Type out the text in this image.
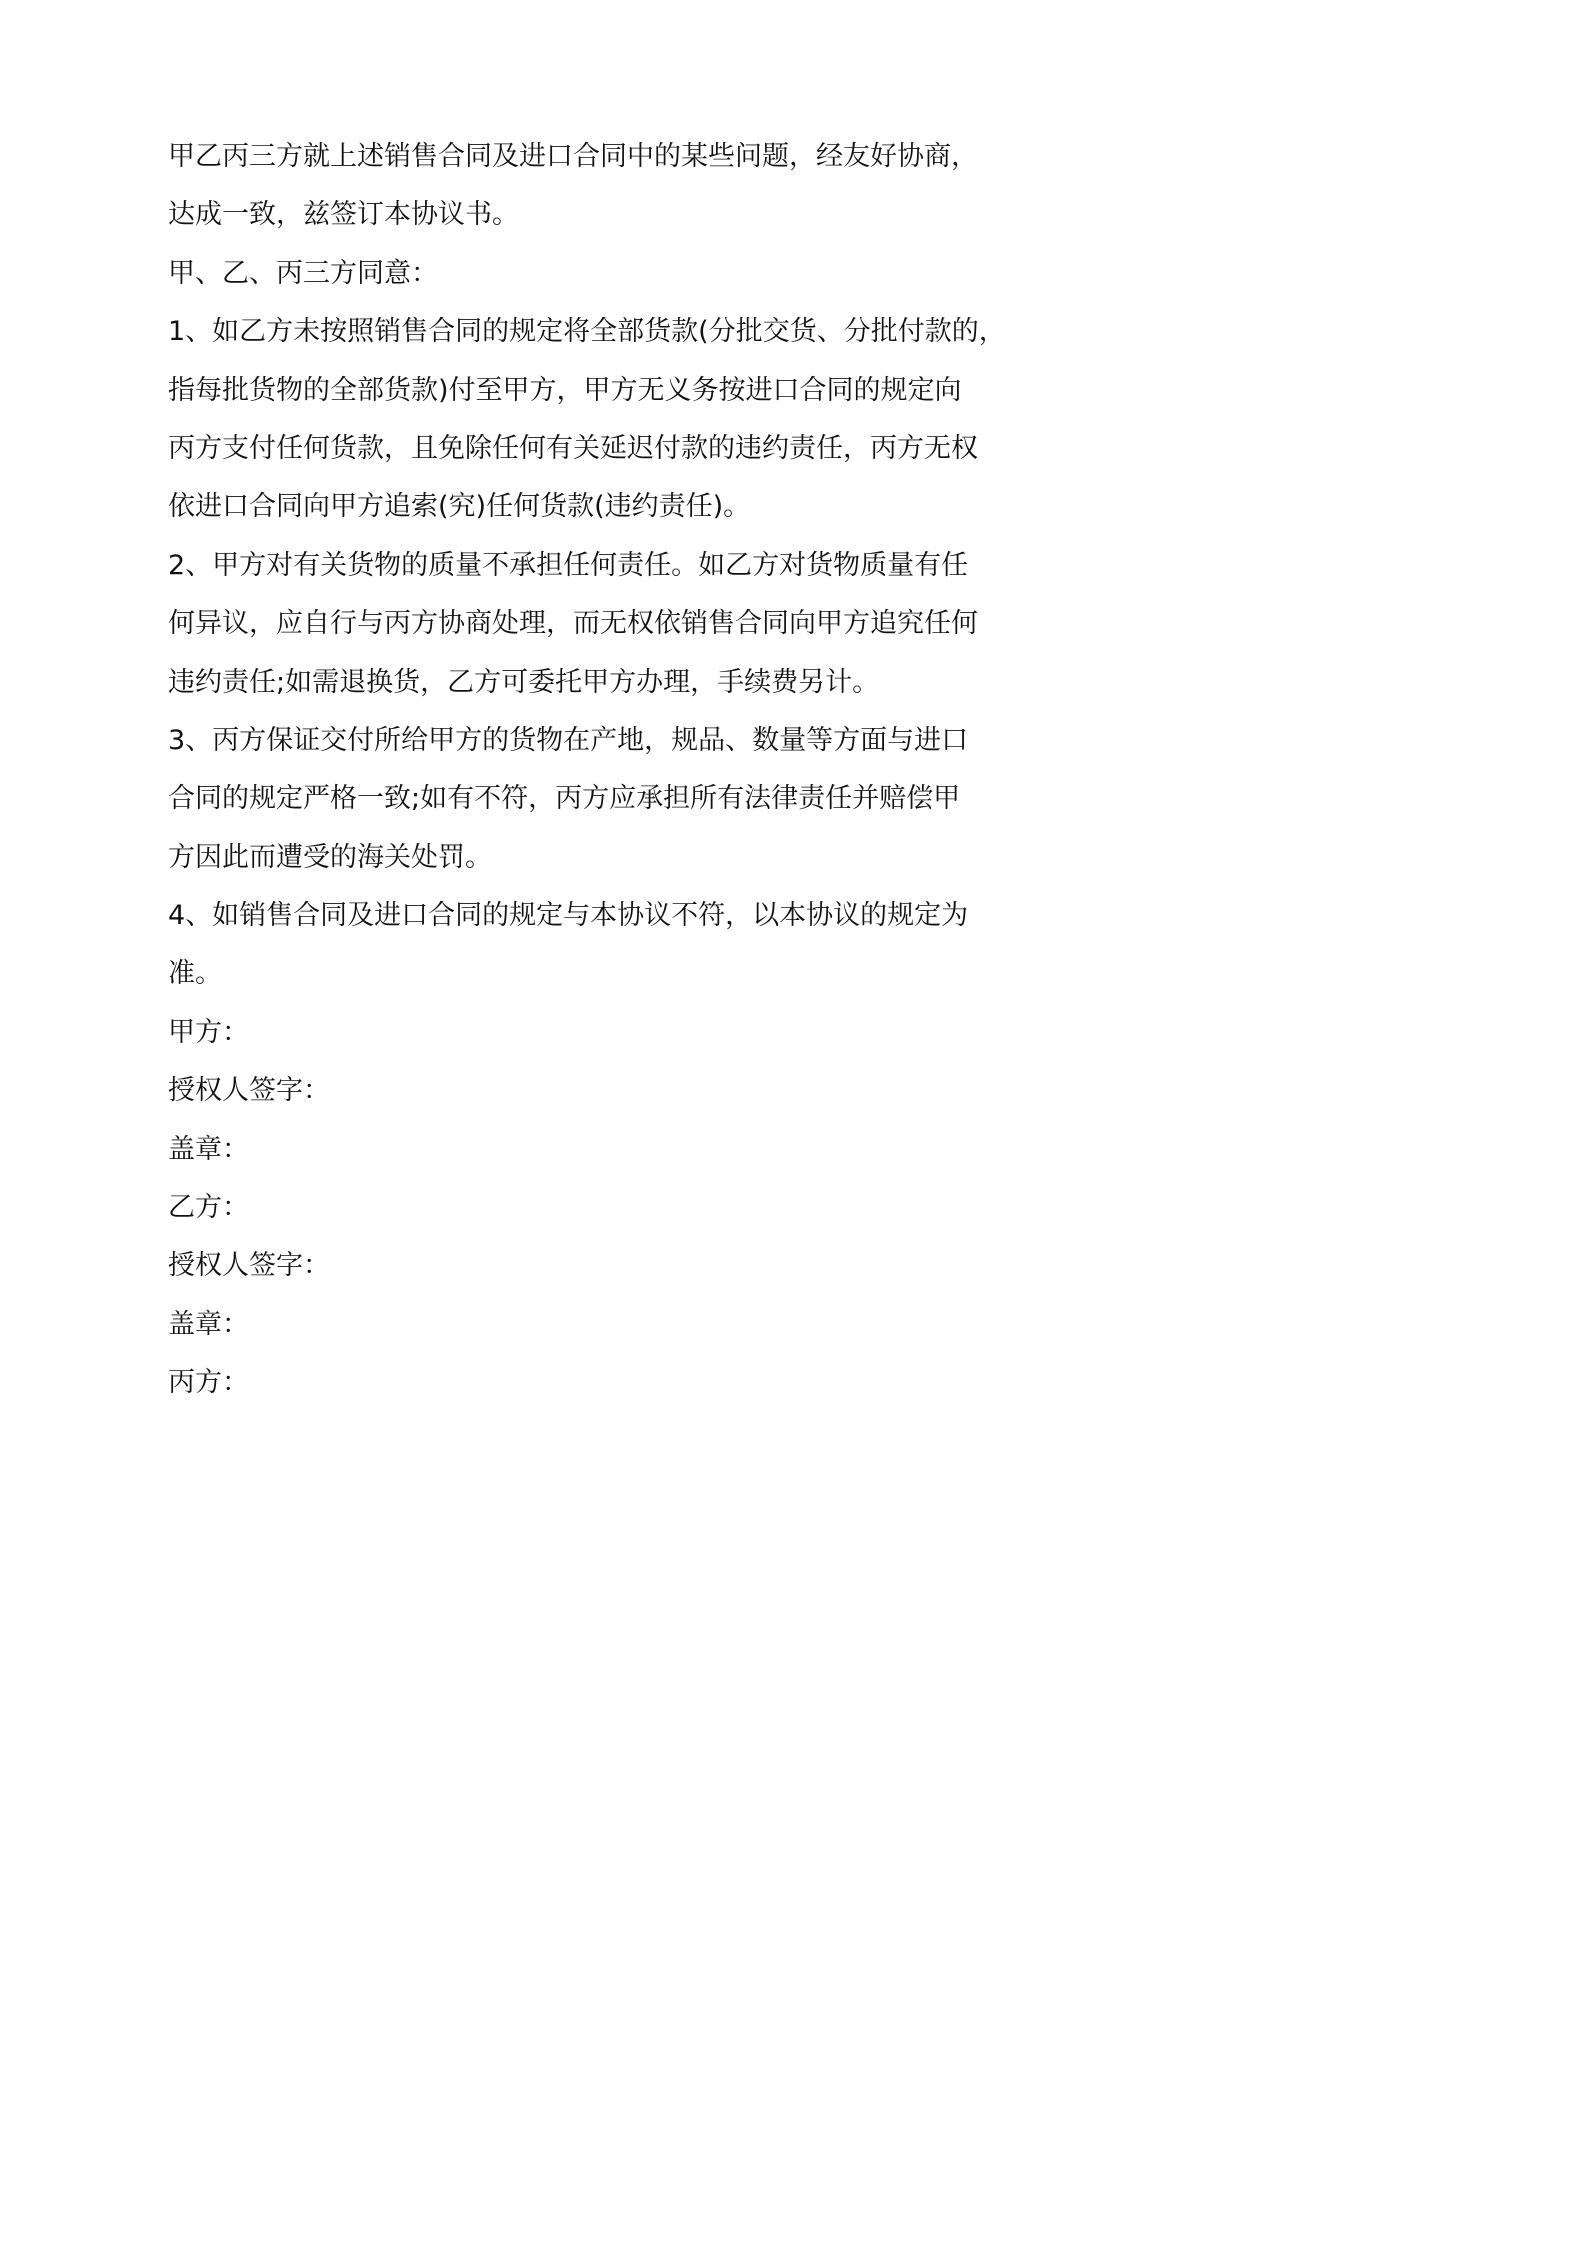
甲乙丙三方就上述销售合同及进口合同中的某些问题，经友好协商，

达成一致，兹签订本协议书。

甲、乙、丙三方同意：

1、如乙方未按照销售合同的规定将全部货款(分批交货、分批付款的，

指每批货物的全部货款)付至甲方，甲方无义务按进口合同的规定向

丙方支付任何货款，且免除任何有关延迟付款的违约责任，丙方无权

依进口合同向甲方追索(究)任何货款(违约责任)。

2、甲方对有关货物的质量不承担任何责任。如乙方对货物质量有任

何异议，应自行与丙方协商处理，而无权依销售合同向甲方追究任何

违约责任;如需退换货，乙方可委托甲方办理，手续费另计。

3、丙方保证交付所给甲方的货物在产地，规品、数量等方面与进口

合同的规定严格一致;如有不符，丙方应承担所有法律责任并赔偿甲

方因此而遭受的海关处罚。

4、如销售合同及进口合同的规定与本协议不符，以本协议的规定为

准。

甲方：

授权人签字：

盖章：

乙方：

授权人签字：

盖章：

丙方：
